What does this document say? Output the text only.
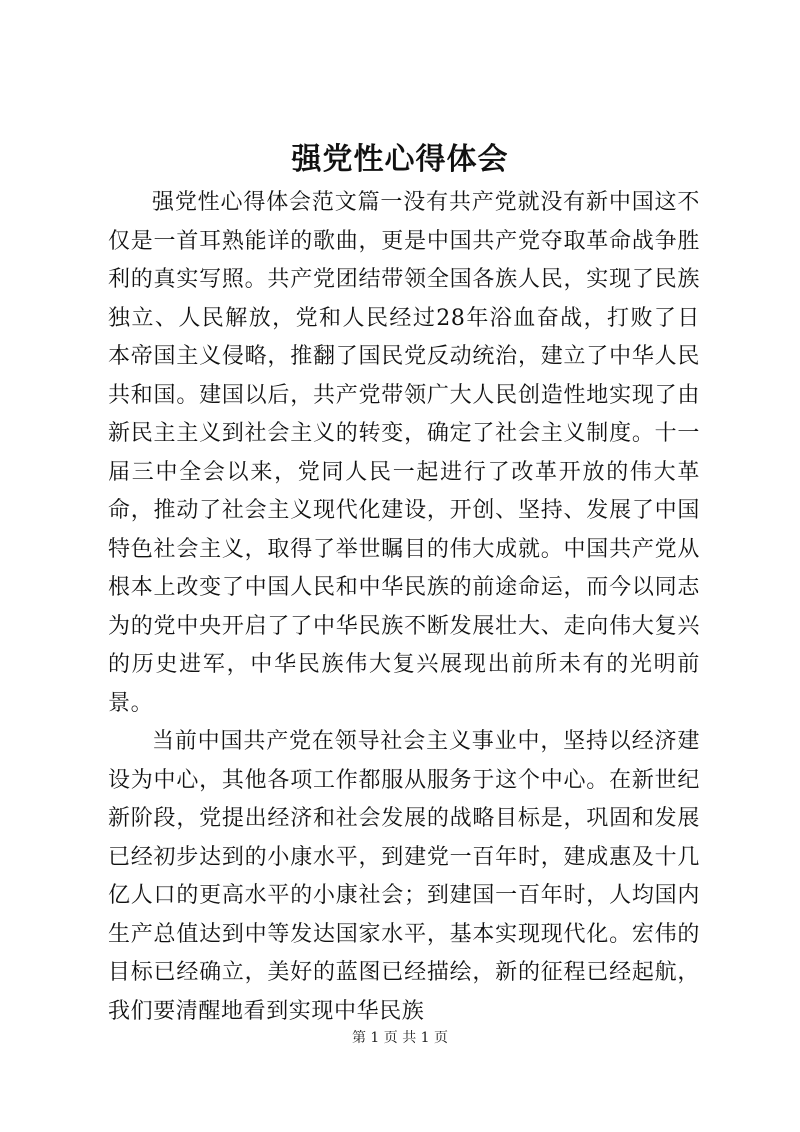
强党性心得体会

强党性心得体会范文篇一没有共产党就没有新中国这不仅是一首耳熟能详的歌曲，更是中国共产党夺取革命战争胜利的真实写照。共产党团结带领全国各族人民，实现了民族独立、人民解放，党和人民经过28年浴血奋战，打败了日本帝国主义侵略，推翻了国民党反动统治，建立了中华人民共和国。建国以后，共产党带领广大人民创造性地实现了由新民主主义到社会主义的转变，确定了社会主义制度。十一届三中全会以来，党同人民一起进行了改革开放的伟大革命，推动了社会主义现代化建设，开创、坚持、发展了中国特色社会主义，取得了举世瞩目的伟大成就。中国共产党从根本上改变了中国人民和中华民族的前途命运，而今以同志为的党中央开启了了中华民族不断发展壮大、走向伟大复兴的历史进军，中华民族伟大复兴展现出前所未有的光明前景。

当前中国共产党在领导社会主义事业中，坚持以经济建设为中心，其他各项工作都服从服务于这个中心。在新世纪新阶段，党提出经济和社会发展的战略目标是，巩固和发展已经初步达到的小康水平，到建党一百年时，建成惠及十几亿人口的更高水平的小康社会；到建国一百年时，人均国内生产总值达到中等发达国家水平，基本实现现代化。宏伟的目标已经确立，美好的蓝图已经描绘，新的征程已经起航，我们要清醒地看到实现中华民族

第 1 页 共 1 页
